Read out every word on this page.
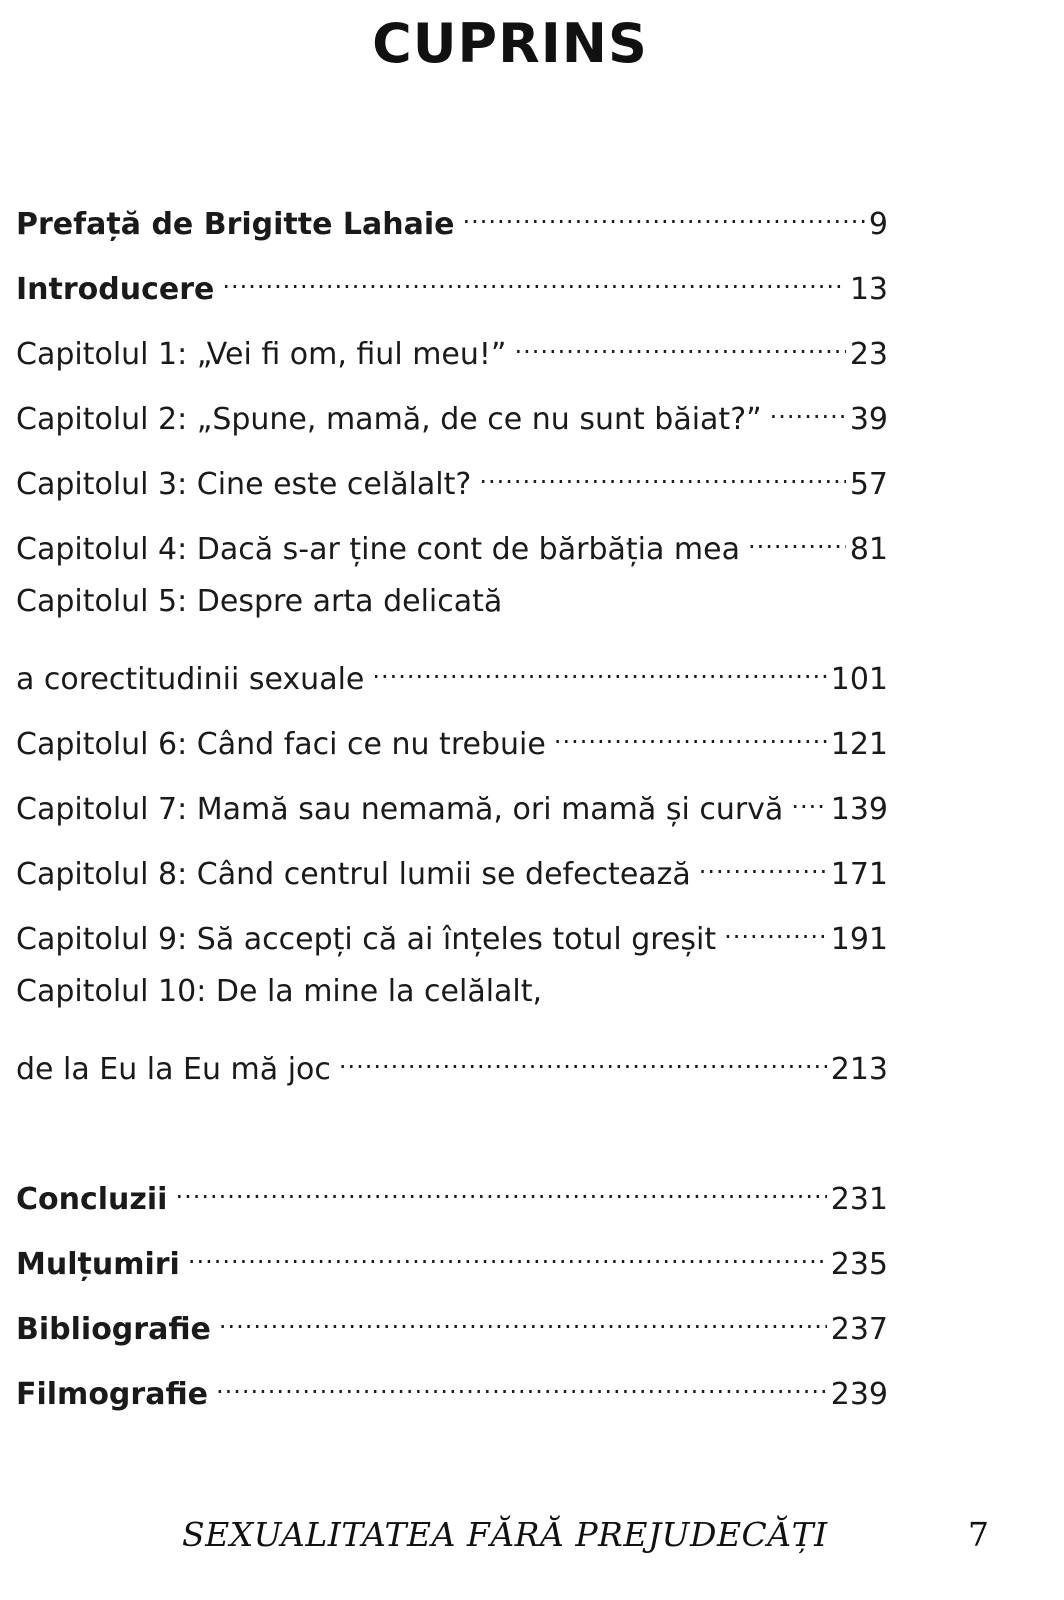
CUPRINS
Prefață de Brigitte Lahaie .....	9
Introducere .....	13
Capitolul 1: „Vei fi om, fiul meu!” .....	23
Capitolul 2: „Spune, mamă, de ce nu sunt băiat?” .....	39
Capitolul 3: Cine este celălalt? .....	57
Capitolul 4: Dacă s-ar ține cont de bărbăția mea .....	81
Capitolul 5: Despre arta delicată
a corectitudinii sexuale .....	101
Capitolul 6: Când faci ce nu trebuie .....	121
Capitolul 7: Mamă sau nemamă, ori mamă și curvă ..... 139
Capitolul 8: Când centrul lumii se defectează .....	171
Capitolul 9: Să accepți că ai înțeles totul greșit .....	191
Capitolul 10: De la mine la celălalt,
de la Eu la Eu mă joc .....	213
Concluzii .....	231
Mulțumiri .....	235
Bibliografie .....	237
Filmografie .....	239
SEXUALITATEA FĂRĂ PREJUDECĂȚI	7
